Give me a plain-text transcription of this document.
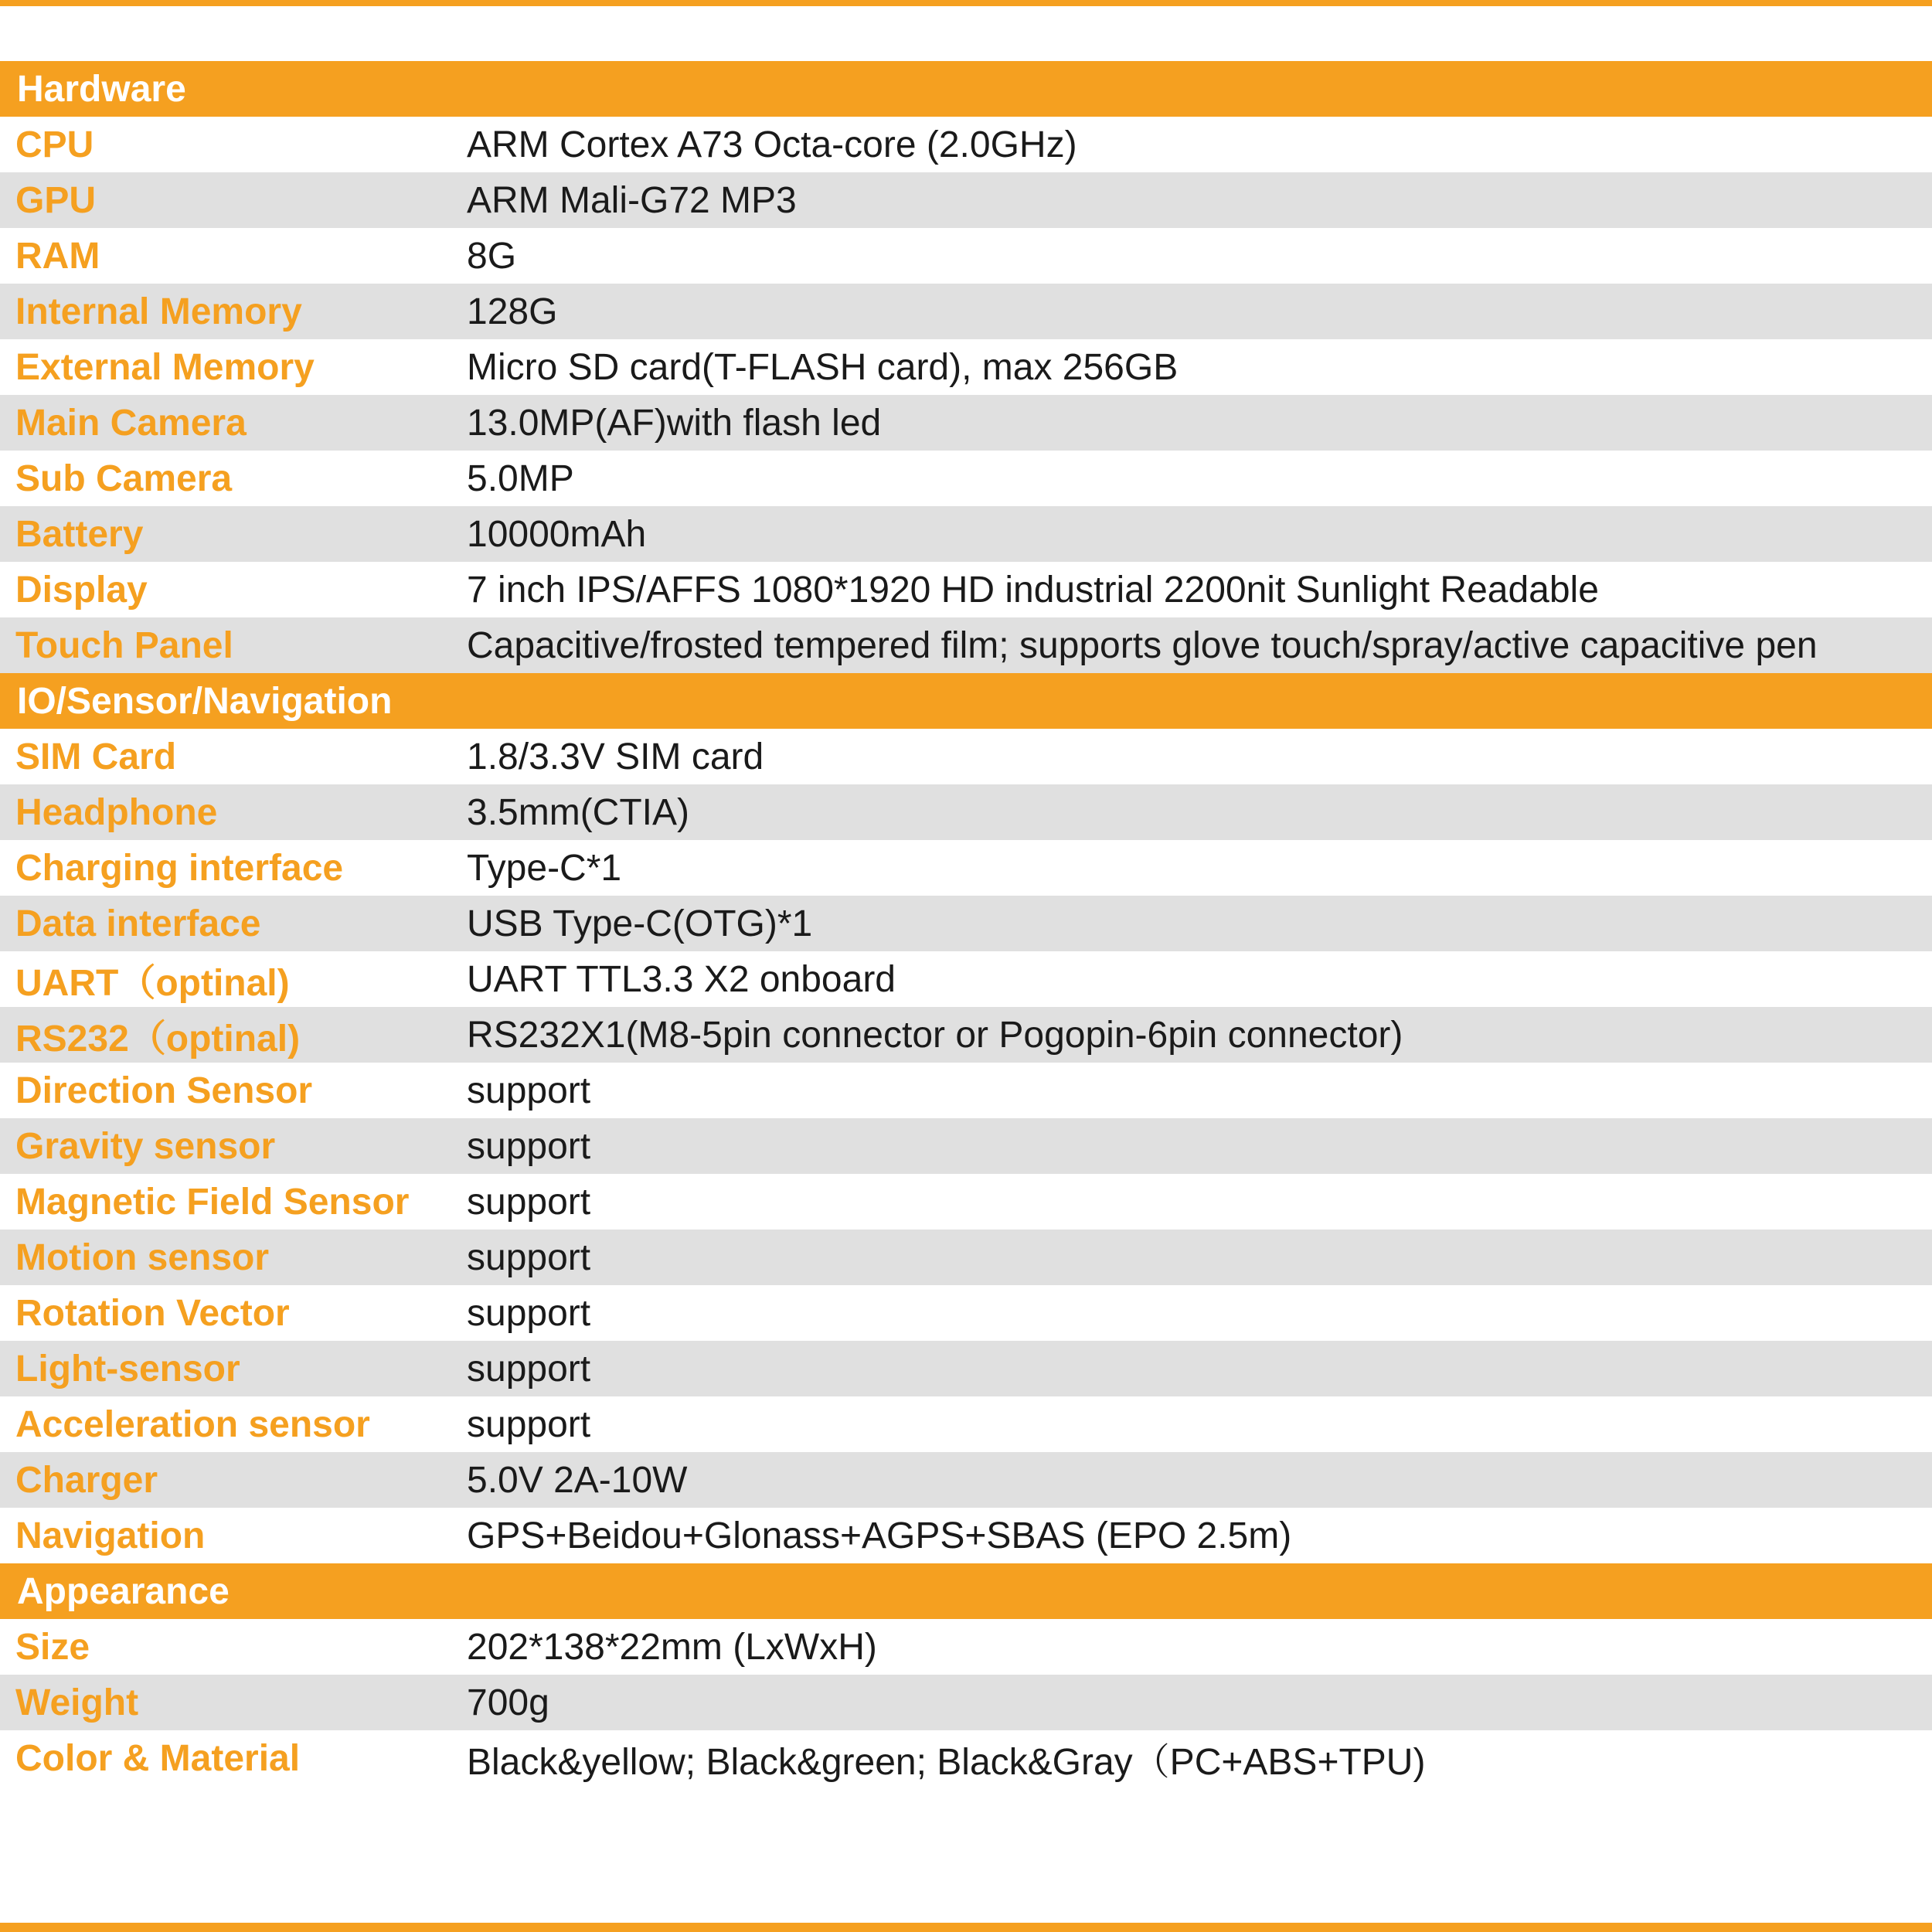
Hardware
CPU	ARM Cortex A73 Octa-core (2.0GHz)
GPU	ARM Mali-G72 MP3
RAM	8G
Internal Memory	128G
External Memory	Micro SD card(T-FLASH card), max 256GB
Main Camera	13.0MP(AF)with flash led
Sub Camera	5.0MP
Battery	10000mAh
Display	7 inch IPS/AFFS 1080*1920 HD industrial 2200nit Sunlight Readable
Touch Panel	Capacitive/frosted tempered film; supports glove touch/spray/active capacitive pen
IO/Sensor/Navigation
SIM Card	1.8/3.3V SIM card
Headphone	3.5mm(CTIA)
Charging interface	Type-C*1
Data interface	USB Type-C(OTG)*1
UART（optinal)	UART TTL3.3 X2 onboard
RS232（optinal)	RS232X1(M8-5pin connector or Pogopin-6pin connector)
Direction Sensor	support
Gravity sensor	support
Magnetic Field Sensor	support
Motion sensor	support
Rotation Vector	support
Light-sensor	support
Acceleration sensor	support
Charger	5.0V 2A-10W
Navigation	GPS+Beidou+Glonass+AGPS+SBAS (EPO 2.5m)
Appearance
Size	202*138*22mm (LxWxH)
Weight	700g
Color & Material	Black&yellow; Black&green; Black&Gray（PC+ABS+TPU)
